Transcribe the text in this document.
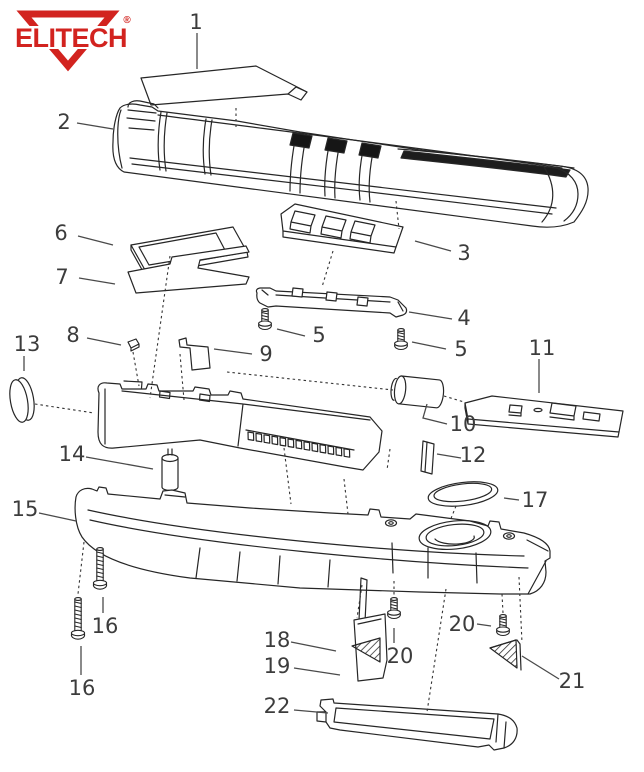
ELITECH
®	1
2
3
4
5
5
6
7
8
9
10
11
12
13
14
15
16
16
17
18
19	20
20
21
22
